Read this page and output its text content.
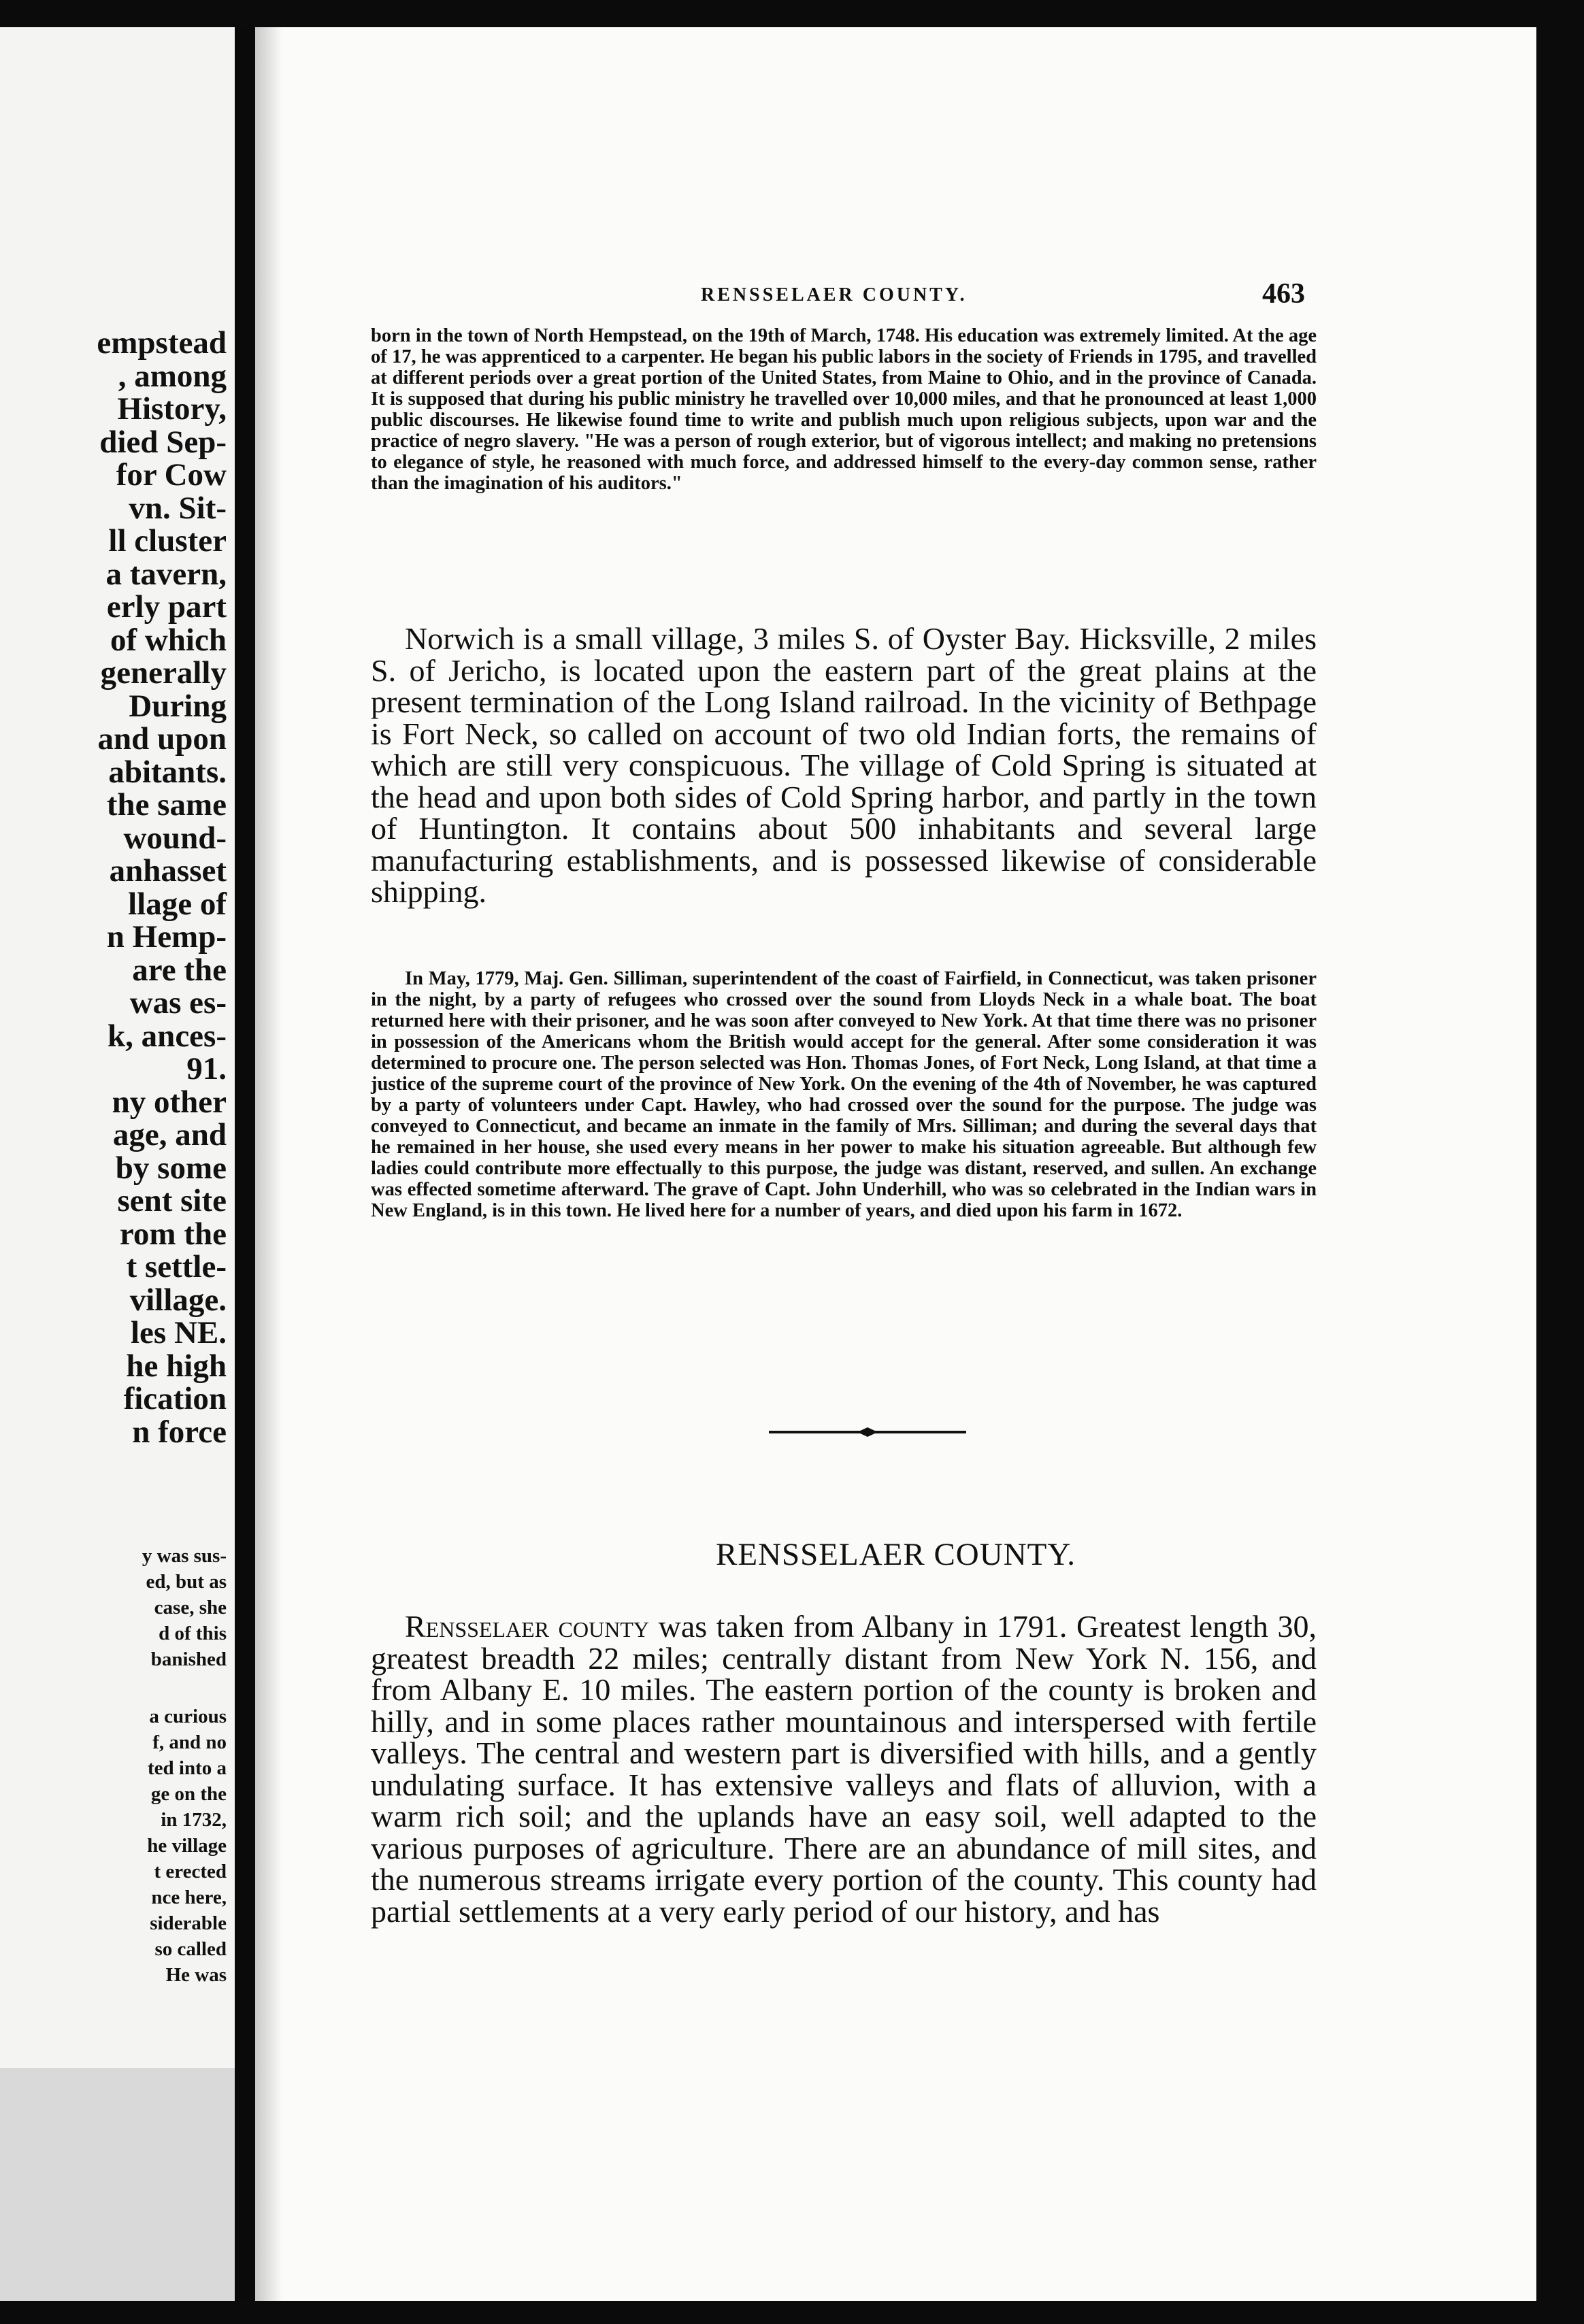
empstead
, among
History,
died Sep-
for Cow
vn. Sit-
ll cluster
a tavern,
erly part
of which
generally
During
and upon
abitants.
the same
wound-
anhasset
llage of
n Hemp-
are the
was es-
k, ances-
91.
ny other
age, and
by some
sent site
rom the
t settle-
village.
les NE.
he high
fication
n force
y was sus-
ed, but as
case, she
d of this
banished
a curious
f, and no
ted into a
ge on the
in 1732,
he village
t erected
nce here,
siderable
so called
He was
RENSSELAER COUNTY.	463

born in the town of North Hempstead, on the 19th of March, 1748. His education was extremely limited. At the age of 17, he was apprenticed to a carpenter. He began his public labors in the society of Friends in 1795, and travelled at different periods over a great portion of the United States, from Maine to Ohio, and in the province of Canada. It is supposed that during his public ministry he travelled over 10,000 miles, and that he pronounced at least 1,000 public discourses. He likewise found time to write and publish much upon religious subjects, upon war and the practice of negro slavery. "He was a person of rough exterior, but of vigorous intellect; and making no pretensions to elegance of style, he reasoned with much force, and addressed himself to the every-day common sense, rather than the imagination of his auditors."

Norwich is a small village, 3 miles S. of Oyster Bay. Hicksville, 2 miles S. of Jericho, is located upon the eastern part of the great plains at the present termination of the Long Island railroad. In the vicinity of Bethpage is Fort Neck, so called on account of two old Indian forts, the remains of which are still very conspicuous. The village of Cold Spring is situated at the head and upon both sides of Cold Spring harbor, and partly in the town of Huntington. It contains about 500 inhabitants and several large manufacturing establishments, and is possessed likewise of considerable shipping.

In May, 1779, Maj. Gen. Silliman, superintendent of the coast of Fairfield, in Connecticut, was taken prisoner in the night, by a party of refugees who crossed over the sound from Lloyds Neck in a whale boat. The boat returned here with their prisoner, and he was soon after conveyed to New York. At that time there was no prisoner in possession of the Americans whom the British would accept for the general. After some consideration it was determined to procure one. The person selected was Hon. Thomas Jones, of Fort Neck, Long Island, at that time a justice of the supreme court of the province of New York. On the evening of the 4th of November, he was captured by a party of volunteers under Capt. Hawley, who had crossed over the sound for the purpose. The judge was conveyed to Connecticut, and became an inmate in the family of Mrs. Silliman; and during the several days that he remained in her house, she used every means in her power to make his situation agreeable. But although few ladies could contribute more effectually to this purpose, the judge was distant, reserved, and sullen. An exchange was effected sometime afterward. The grave of Capt. John Underhill, who was so celebrated in the Indian wars in New England, is in this town. He lived here for a number of years, and died upon his farm in 1672.

RENSSELAER COUNTY.

Rensselaer county was taken from Albany in 1791. Greatest length 30, greatest breadth 22 miles; centrally distant from New York N. 156, and from Albany E. 10 miles. The eastern portion of the county is broken and hilly, and in some places rather mountainous and interspersed with fertile valleys. The central and western part is diversified with hills, and a gently undulating surface. It has extensive valleys and flats of alluvion, with a warm rich soil; and the uplands have an easy soil, well adapted to the various purposes of agriculture. There are an abundance of mill sites, and the numerous streams irrigate every portion of the county. This county had partial settlements at a very early period of our history, and has
